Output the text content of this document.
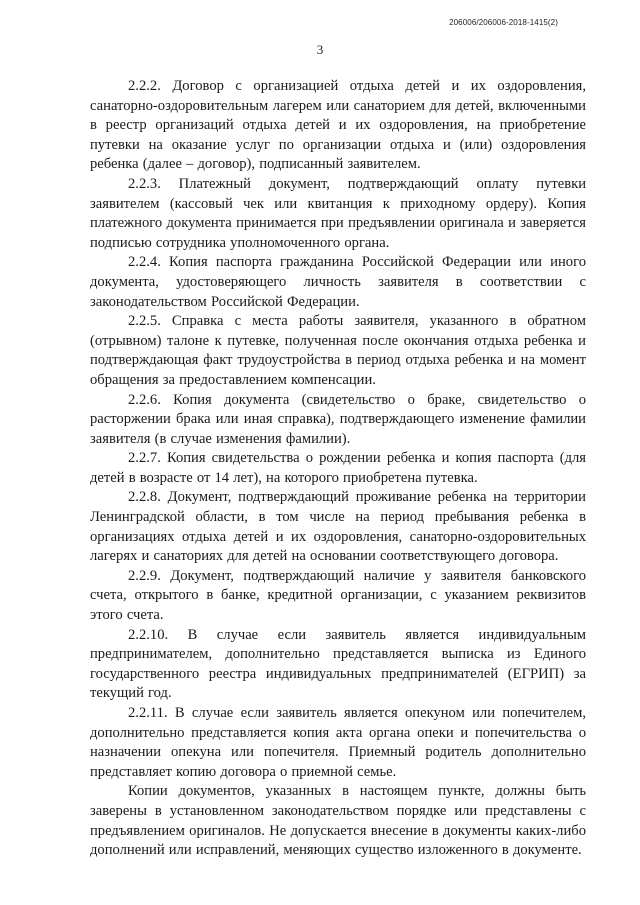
206006/206006-2018-1415(2)
3

2.2.2. Договор с организацией отдыха детей и их оздоровления, санаторно-оздоровительным лагерем или санаторием для детей, включенными в реестр организаций отдыха детей и их оздоровления, на приобретение путевки на оказание услуг по организации отдыха и (или) оздоровления ребенка (далее – договор), подписанный заявителем.

2.2.3. Платежный документ, подтверждающий оплату путевки заявителем (кассовый чек или квитанция к приходному ордеру). Копия платежного документа принимается при предъявлении оригинала и заверяется подписью сотрудника уполномоченного органа.

2.2.4. Копия паспорта гражданина Российской Федерации или иного документа, удостоверяющего личность заявителя в соответствии с законодательством Российской Федерации.

2.2.5. Справка с места работы заявителя, указанного в обратном (отрывном) талоне к путевке, полученная после окончания отдыха ребенка и подтверждающая факт трудоустройства в период отдыха ребенка и на момент обращения за предоставлением компенсации.

2.2.6. Копия документа (свидетельство о браке, свидетельство о расторжении брака или иная справка), подтверждающего изменение фамилии заявителя (в случае изменения фамилии).

2.2.7. Копия свидетельства о рождении ребенка и копия паспорта (для детей в возрасте от 14 лет), на которого приобретена путевка.

2.2.8. Документ, подтверждающий проживание ребенка на территории Ленинградской области, в том числе на период пребывания ребенка в организациях отдыха детей и их оздоровления, санаторно-оздоровительных лагерях и санаториях для детей на основании соответствующего договора.

2.2.9. Документ, подтверждающий наличие у заявителя банковского счета, открытого в банке, кредитной организации, с указанием реквизитов этого счета.

2.2.10. В случае если заявитель является индивидуальным предпринимателем, дополнительно представляется выписка из Единого государственного реестра индивидуальных предпринимателей (ЕГРИП) за текущий год.

2.2.11. В случае если заявитель является опекуном или попечителем, дополнительно представляется копия акта органа опеки и попечительства о назначении опекуна или попечителя. Приемный родитель дополнительно представляет копию договора о приемной семье.

Копии документов, указанных в настоящем пункте, должны быть заверены в установленном законодательством порядке или представлены с предъявлением оригиналов. Не допускается внесение в документы каких-либо дополнений или исправлений, меняющих существо изложенного в документе.
